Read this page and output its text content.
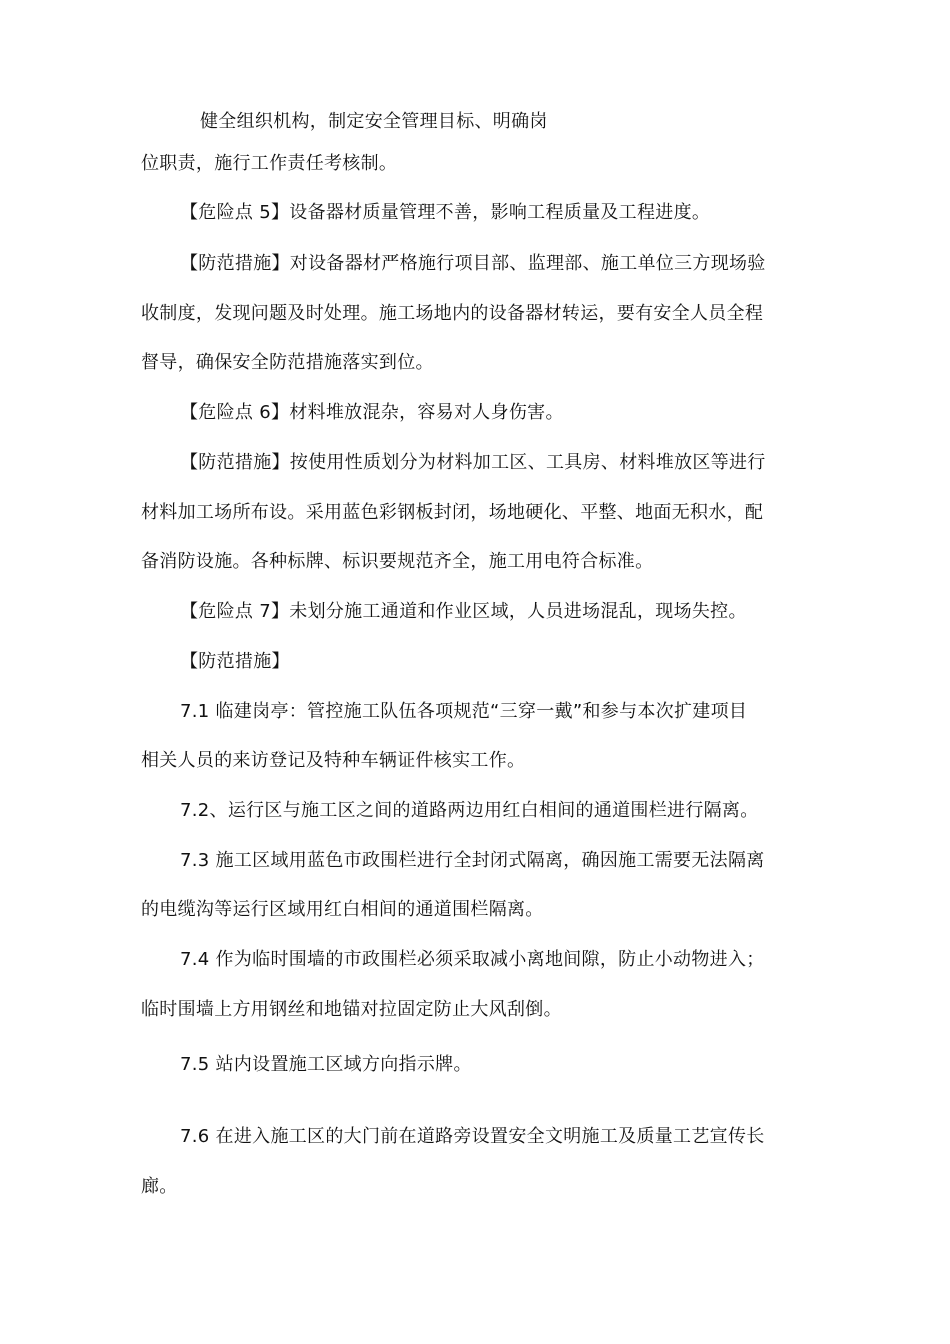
健全组织机构，制定安全管理目标、明确岗
位职责，施行工作责任考核制。
【危险点 5】设备器材质量管理不善，影响工程质量及工程进度。
【防范措施】对设备器材严格施行项目部、监理部、施工单位三方现场验
收制度，发现问题及时处理。施工场地内的设备器材转运，要有安全人员全程
督导，确保安全防范措施落实到位。
【危险点 6】材料堆放混杂，容易对人身伤害。
【防范措施】按使用性质划分为材料加工区、工具房、材料堆放区等进行
材料加工场所布设。采用蓝色彩钢板封闭，场地硬化、平整、地面无积水，配
备消防设施。各种标牌、标识要规范齐全，施工用电符合标准。
【危险点 7】未划分施工通道和作业区域，人员进场混乱，现场失控。
【防范措施】
7.1 临建岗亭：管控施工队伍各项规范“三穿一戴”和参与本次扩建项目
相关人员的来访登记及特种车辆证件核实工作。
7.2、运行区与施工区之间的道路两边用红白相间的通道围栏进行隔离。
7.3 施工区域用蓝色市政围栏进行全封闭式隔离，确因施工需要无法隔离
的电缆沟等运行区域用红白相间的通道围栏隔离。
7.4 作为临时围墙的市政围栏必须采取减小离地间隙，防止小动物进入；
临时围墙上方用钢丝和地锚对拉固定防止大风刮倒。
7.5 站内设置施工区域方向指示牌。
7.6 在进入施工区的大门前在道路旁设置安全文明施工及质量工艺宣传长
廊。
